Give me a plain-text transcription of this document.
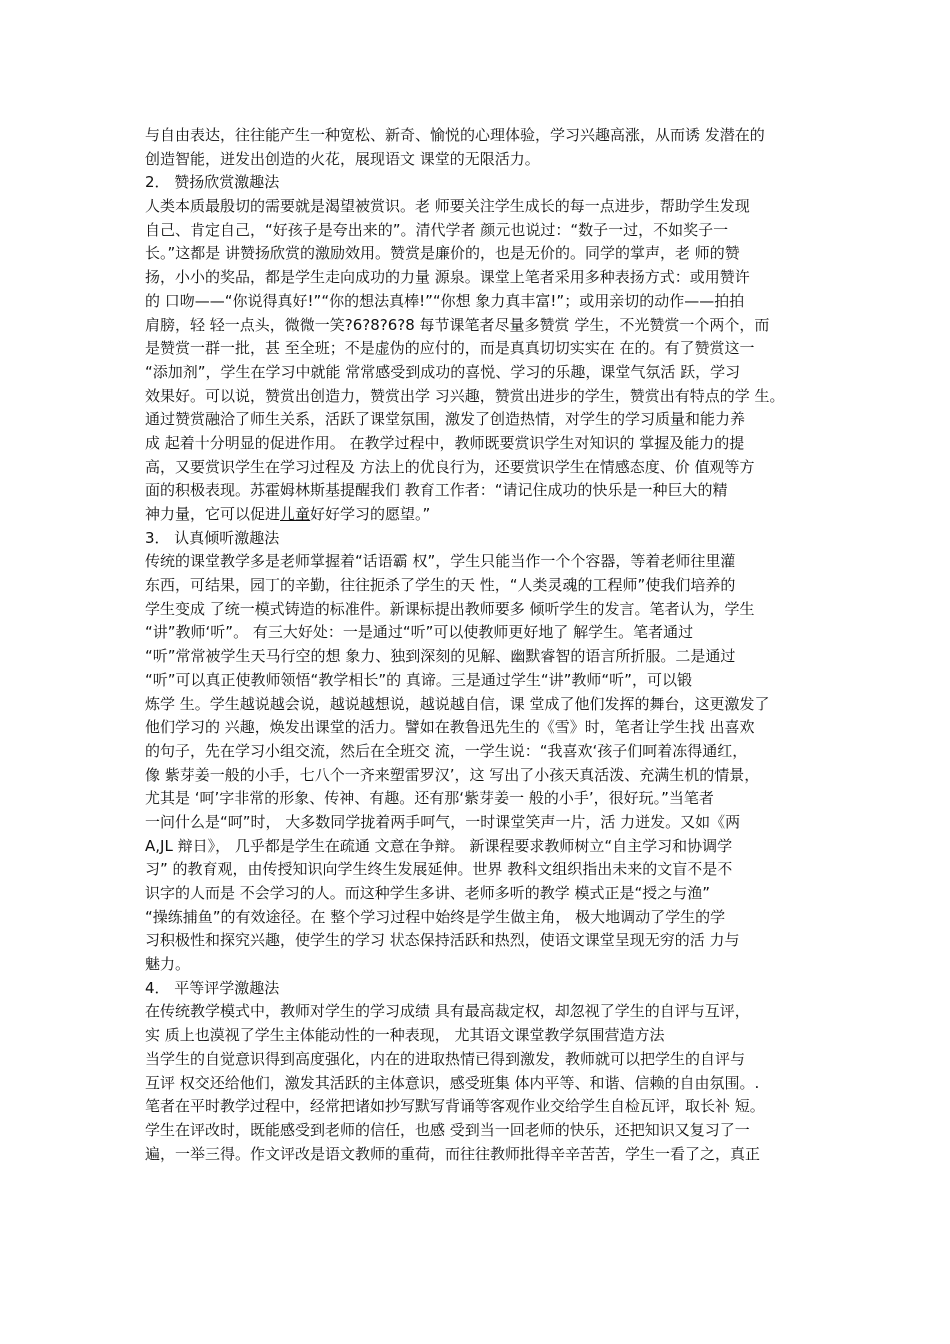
与自由表达，往往能产生一种宽松、新奇、愉悦的心理体验，学习兴趣高涨，从而诱 发潜在的
创造智能，迸发出创造的火花，展现语文 课堂的无限活力。
2． 赞扬欣赏激趣法
人类本质最殷切的需要就是渴望被赏识。老 师要关注学生成长的每一点进步，帮助学生发现
自己、肯定自己，“好孩子是夸出来的”。清代学者 颜元也说过：“数子一过，不如奖子一
长。”这都是 讲赞扬欣赏的激励效用。赞赏是廉价的，也是无价的。同学的掌声，老 师的赞
扬，小小的奖品，都是学生走向成功的力量 源泉。课堂上笔者采用多种表扬方式：或用赞许
的 口吻——“你说得真好!”“你的想法真棒!”“你想 象力真丰富!”；或用亲切的动作——拍拍
肩膀，轻 轻一点头，微微一笑?6?8?6?8 每节课笔者尽量多赞赏 学生，不光赞赏一个两个，而
是赞赏一群一批，甚 至全班；不是虚伪的应付的，而是真真切切实实在 在的。有了赞赏这一
“添加剂”，学生在学习中就能 常常感受到成功的喜悦、学习的乐趣，课堂气氛活 跃，学习
效果好。可以说，赞赏出创造力，赞赏出学 习兴趣，赞赏出进步的学生，赞赏出有特点的学 生。
通过赞赏融洽了师生关系，活跃了课堂氛围，激发了创造热情，对学生的学习质量和能力养
成 起着十分明显的促进作用。 在教学过程中，教师既要赏识学生对知识的 掌握及能力的提
高，又要赏识学生在学习过程及 方法上的优良行为，还要赏识学生在情感态度、价 值观等方
面的积极表现。苏霍姆林斯基提醒我们 教育工作者：“请记住成功的快乐是一种巨大的精
神力量，它可以促进儿童好好学习的愿望。”
3． 认真倾听激趣法
传统的课堂教学多是老师掌握着“话语霸 权”，学生只能当作一个个容器，等着老师往里灌
东西，可结果，园丁的辛勤，往往扼杀了学生的天 性，“人类灵魂的工程师”使我们培养的
学生变成 了统一模式铸造的标准件。新课标提出教师要多 倾听学生的发言。笔者认为，学生
“讲”教师‘听”。 有三大好处：一是通过“听”可以使教师更好地了 解学生。笔者通过
“听”常常被学生天马行空的想 象力、独到深刻的见解、幽默睿智的语言所折服。二是通过
“听”可以真正使教师领悟“教学相长”的 真谛。三是通过学生“讲”教师“听”，可以锻
炼学 生。学生越说越会说，越说越想说，越说越自信，课 堂成了他们发挥的舞台，这更激发了
他们学习的 兴趣，焕发出课堂的活力。譬如在教鲁迅先生的《雪》时，笔者让学生找 出喜欢
的句子，先在学习小组交流，然后在全班交 流，一学生说：“我喜欢‘孩子们呵着冻得通红，
像 紫芽姜一般的小手，七八个一齐来塑雷罗汉’，这 写出了小孩天真活泼、充满生机的情景，
尤其是 ‘呵’字非常的形象、传神、有趣。还有那‘紫芽姜一 般的小手’，很好玩。”当笔者
一问什么是“呵”时， 大多数同学拢着两手呵气，一时课堂笑声一片，活 力迸发。又如《两
A,JL 辩日》， 几乎都是学生在疏通 文意在争辩。 新课程要求教师树立“自主学习和协调学
习” 的教育观，由传授知识向学生终生发展延伸。世界 教科文组织指出未来的文盲不是不
识字的人而是 不会学习的人。而这种学生多讲、老师多听的教学 模式正是“授之与渔”
“操练捕鱼”的有效途径。在 整个学习过程中始终是学生做主角， 极大地调动了学生的学
习积极性和探究兴趣，使学生的学习 状态保持活跃和热烈，使语文课堂呈现无穷的活 力与
魅力。
4． 平等评学激趣法
在传统教学模式中，教师对学生的学习成绩 具有最高裁定权，却忽视了学生的自评与互评，
实 质上也漠视了学生主体能动性的一种表现， 尤其语文课堂教学氛围营造方法
当学生的自觉意识得到高度强化，内在的进取热情已得到激发，教师就可以把学生的自评与
互评 权交还给他们，激发其活跃的主体意识，感受班集 体内平等、和谐、信赖的自由氛围。.
笔者在平时教学过程中，经常把诸如抄写默写背诵等客观作业交给学生自检瓦评，取长补 短。
学生在评改时，既能感受到老师的信任，也感 受到当一回老师的快乐，还把知识又复习了一
遍，一举三得。作文评改是语文教师的重荷，而往往教师批得辛辛苦苦，学生一看了之，真正
